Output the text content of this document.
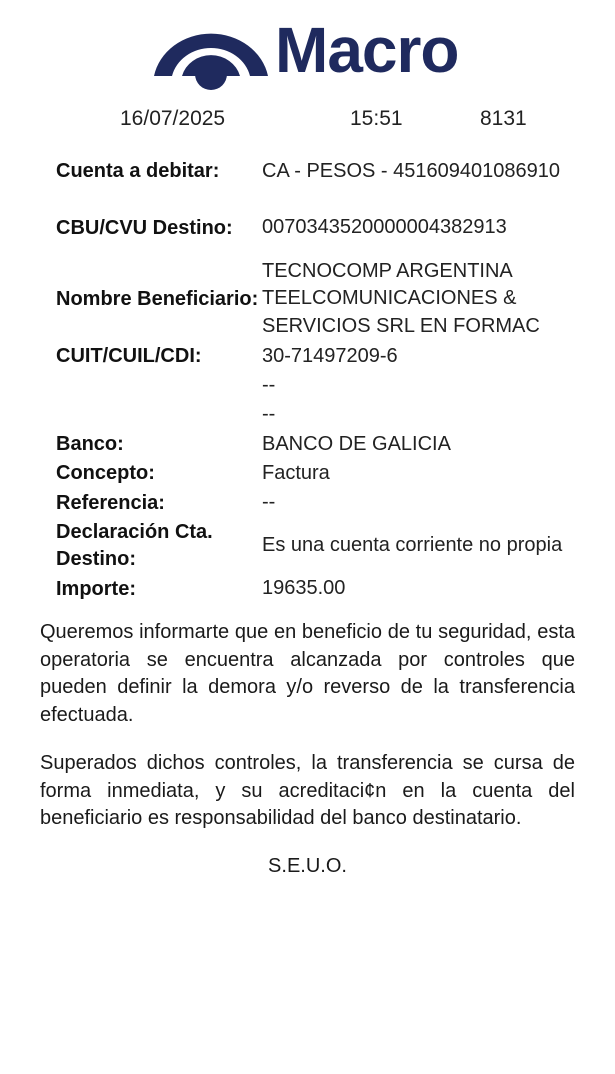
Macro
16/07/2025	15:51	8131
Cuenta a debitar:	CA - PESOS - 451609401086910
CBU/CVU Destino:	0070343520000004382913
Nombre Beneficiario:
TECNOCOMP ARGENTINA TEELCOMUNICACIONES & SERVICIOS SRL EN FORMAC
CUIT/CUIL/CDI:	30-71497209-6
--
--
Banco:	BANCO DE GALICIA
Concepto:	Factura
Referencia:	--
Declaración Cta. Destino:
Es una cuenta corriente no propia
Importe:	19635.00
Queremos informarte que en beneficio de tu seguridad, esta operatoria se encuentra alcanzada por controles que pueden definir la demora y/o reverso de la transferencia efectuada.
Superados dichos controles, la transferencia se cursa de forma inmediata, y su acreditaci¢n en la cuenta del beneficiario es responsabilidad del banco destinatario.
S.E.U.O.
